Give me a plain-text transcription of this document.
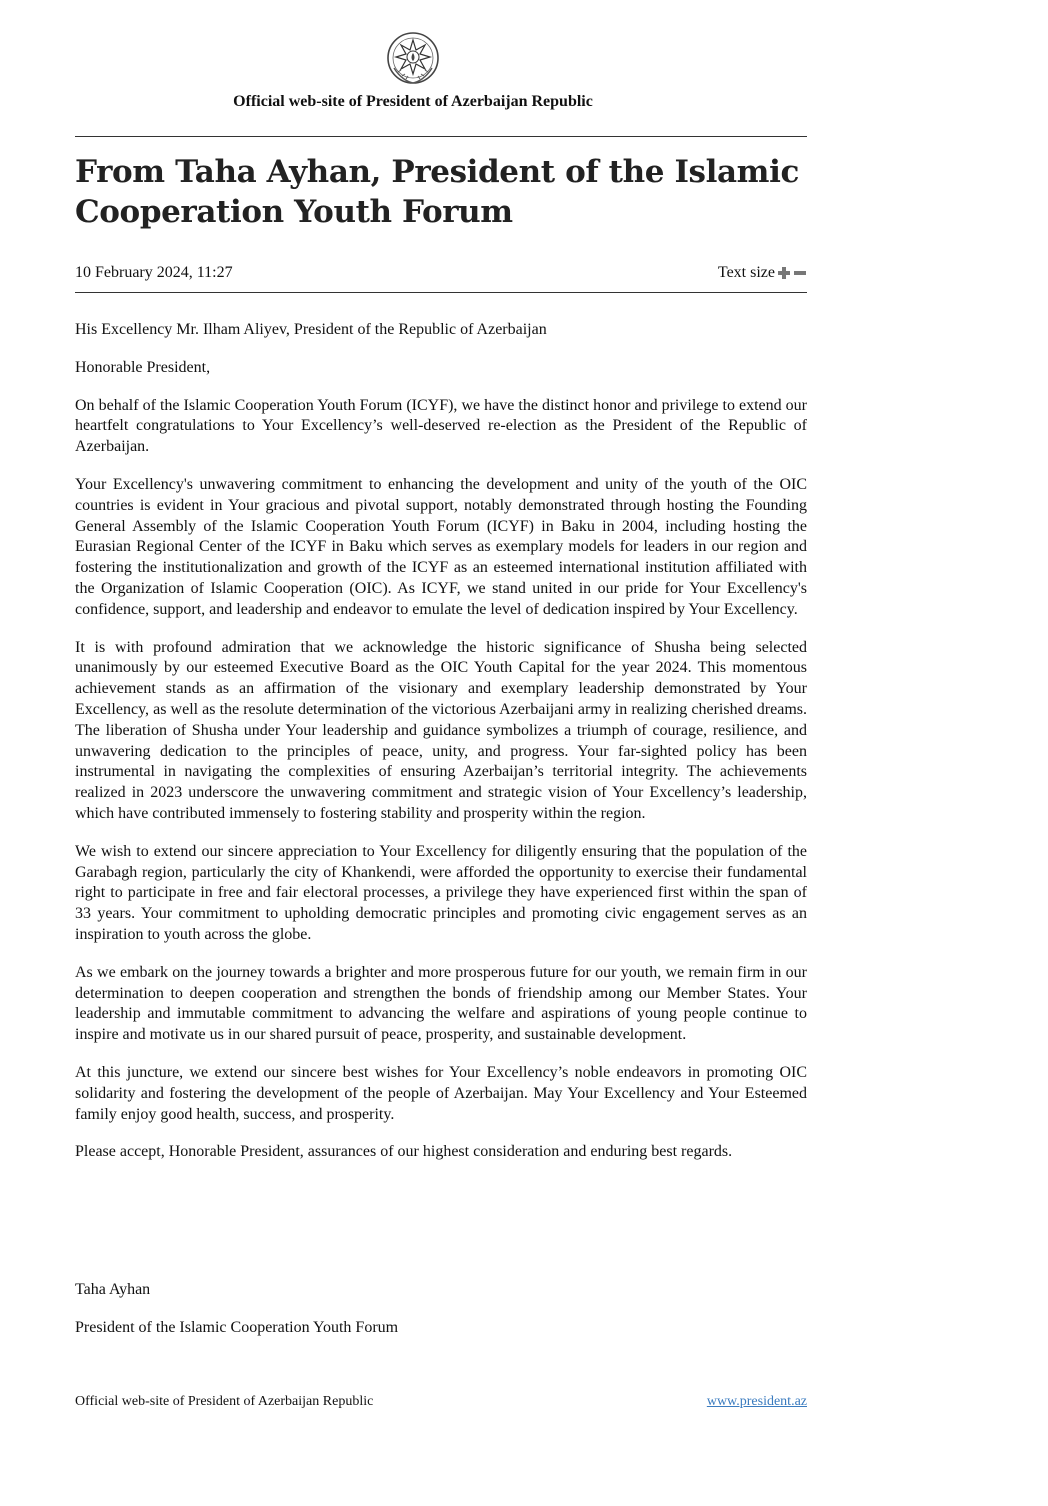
Official web-site of President of Azerbaijan Republic
From Taha Ayhan, President of the Islamic Cooperation Youth Forum
10 February 2024, 11:27	Text size

His Excellency Mr. Ilham Aliyev, President of the Republic of Azerbaijan

Honorable President,

On behalf of the Islamic Cooperation Youth Forum (ICYF), we have the distinct honor and privilege to extend our heartfelt congratulations to Your Excellency’s well-deserved re-election as the President of the Republic of Azerbaijan.

Your Excellency's unwavering commitment to enhancing the development and unity of the youth of the OIC countries is evident in Your gracious and pivotal support, notably demonstrated through hosting the Founding General Assembly of the Islamic Cooperation Youth Forum (ICYF) in Baku in 2004, including hosting the Eurasian Regional Center of the ICYF in Baku which serves as exemplary models for leaders in our region and fostering the institutionalization and growth of the ICYF as an esteemed international institution affiliated with the Organization of Islamic Cooperation (OIC). As ICYF, we stand united in our pride for Your Excellency's confidence, support, and leadership and endeavor to emulate the level of dedication inspired by Your Excellency.

It is with profound admiration that we acknowledge the historic significance of Shusha being selected unanimously by our esteemed Executive Board as the OIC Youth Capital for the year 2024. This momentous achievement stands as an affirmation of the visionary and exemplary leadership demonstrated by Your Excellency, as well as the resolute determination of the victorious Azerbaijani army in realizing cherished dreams. The liberation of Shusha under Your leadership and guidance symbolizes a triumph of courage, resilience, and unwavering dedication to the principles of peace, unity, and progress. Your far-sighted policy has been instrumental in navigating the complexities of ensuring Azerbaijan’s territorial integrity. The achievements realized in 2023 underscore the unwavering commitment and strategic vision of Your Excellency’s leadership, which have contributed immensely to fostering stability and prosperity within the region.

We wish to extend our sincere appreciation to Your Excellency for diligently ensuring that the population of the Garabagh region, particularly the city of Khankendi, were afforded the opportunity to exercise their fundamental right to participate in free and fair electoral processes, a privilege they have experienced first within the span of 33 years. Your commitment to upholding democratic principles and promoting civic engagement serves as an inspiration to youth across the globe.

As we embark on the journey towards a brighter and more prosperous future for our youth, we remain firm in our determination to deepen cooperation and strengthen the bonds of friendship among our Member States. Your leadership and immutable commitment to advancing the welfare and aspirations of young people continue to inspire and motivate us in our shared pursuit of peace, prosperity, and sustainable development.

At this juncture, we extend our sincere best wishes for Your Excellency’s noble endeavors in promoting OIC solidarity and fostering the development of the people of Azerbaijan. May Your Excellency and Your Esteemed family enjoy good health, success, and prosperity.

Please accept, Honorable President, assurances of our highest consideration and enduring best regards.

Taha Ayhan

President of the Islamic Cooperation Youth Forum

Official web-site of President of Azerbaijan Republic	www.president.az
